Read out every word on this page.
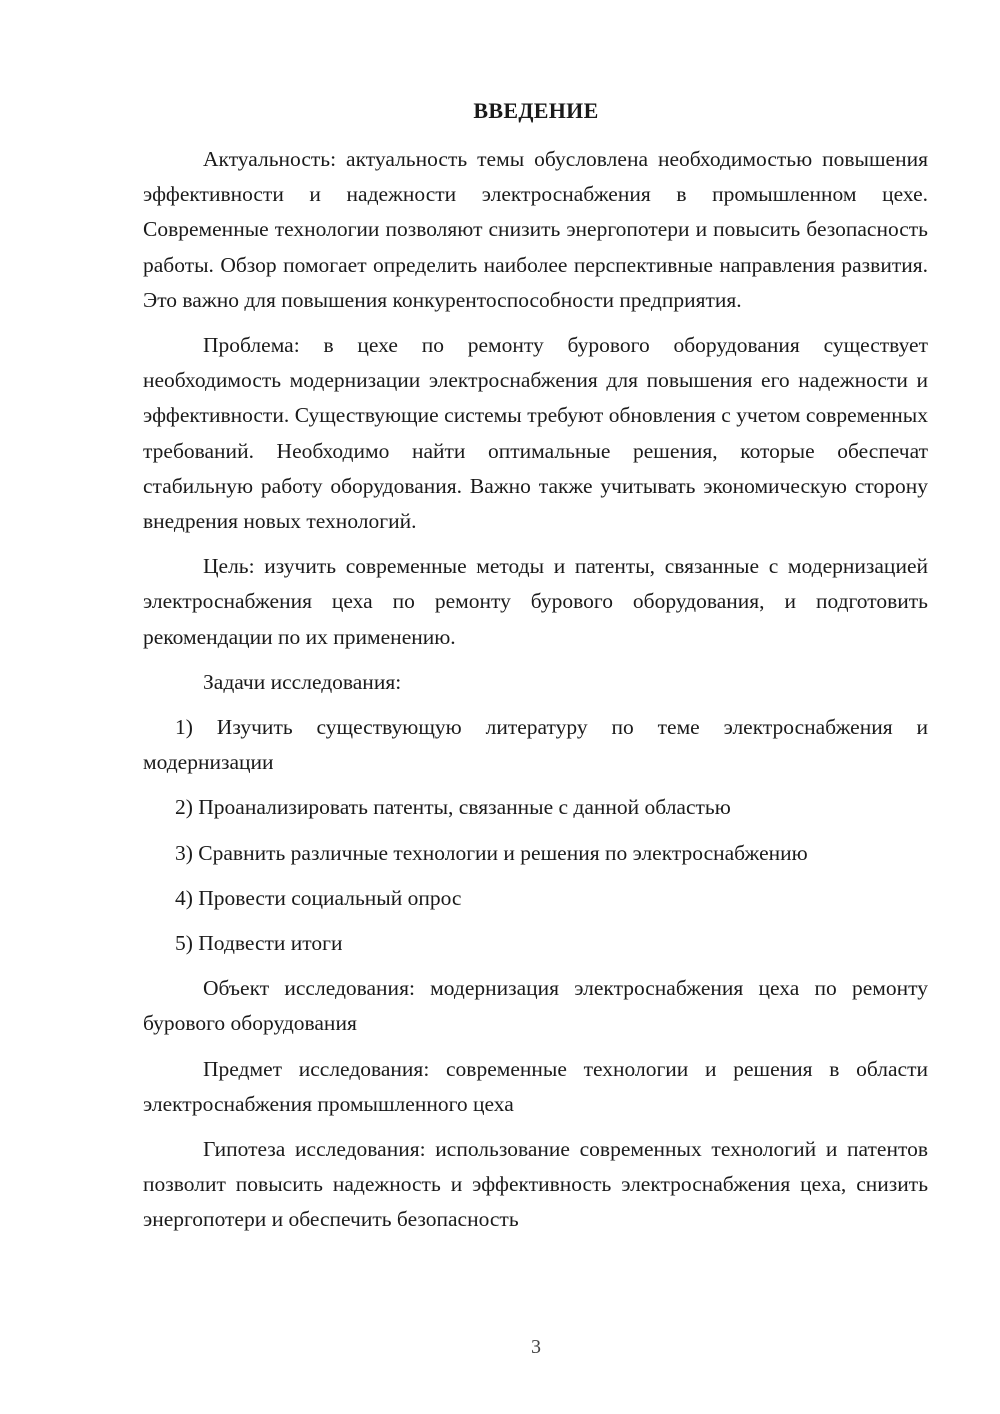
ВВЕДЕНИЕ

Актуальность: актуальность темы обусловлена необходимостью повышения эффективности и надежности электроснабжения в промышленном цехе. Современные технологии позволяют снизить энергопотери и повысить безопасность работы. Обзор помогает определить наиболее перспективные направления развития. Это важно для повышения конкурентоспособности предприятия.

Проблема: в цехе по ремонту бурового оборудования существует необходимость модернизации электроснабжения для повышения его надежности и эффективности. Существующие системы требуют обновления с учетом современных требований. Необходимо найти оптимальные решения, которые обеспечат стабильную работу оборудования. Важно также учитывать экономическую сторону внедрения новых технологий.

Цель: изучить современные методы и патенты, связанные с модернизацией электроснабжения цеха по ремонту бурового оборудования, и подготовить рекомендации по их применению.

Задачи исследования:

1) Изучить существующую литературу по теме электроснабжения и модернизации

2) Проанализировать патенты, связанные с данной областью

3) Сравнить различные технологии и решения по электроснабжению

4) Провести социальный опрос

5) Подвести итоги

Объект исследования: модернизация электроснабжения цеха по ремонту бурового оборудования

Предмет исследования: современные технологии и решения в области электроснабжения промышленного цеха

Гипотеза исследования: использование современных технологий и патентов позволит повысить надежность и эффективность электроснабжения цеха, снизить энергопотери и обеспечить безопасность

3
